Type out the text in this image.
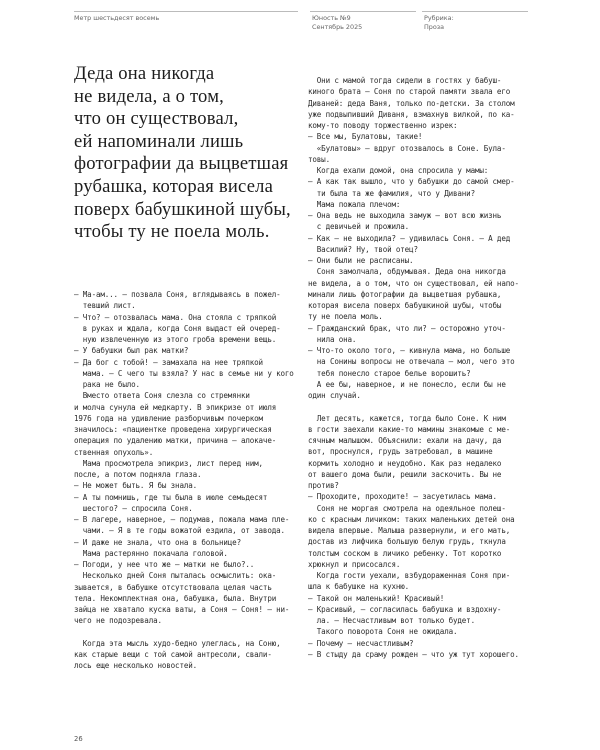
Метр шестьдесят восемь	Юность №9
Сентябрь 2025
Рубрика:
Проза
Деда она никогда
не видела, а о том,
что он существовал,
ей напоминали лишь
фотографии да выцветшая
рубашка, которая висела
поверх бабушкиной шубы,
чтобы ту не поела моль.
– Ма-ам... – позвала Соня, вглядываясь в пожел-
тевший лист.
– Что? – отозвалась мама. Она стояла с тряпкой
в руках и ждала, когда Соня выдаст ей очеред-
ную извлеченную из этого гроба времени вещь.
– У бабушки был рак матки?
– Да бог с тобой! – замахала на нее тряпкой
мама. – С чего ты взяла? У нас в семье ни у кого
рака не было.
Вместо ответа Соня слезла со стремянки
и молча сунула ей медкарту. В эпикризе от июля
1976 года на удивление разборчивым почерком
значилось: «пациентке проведена хирургическая
операция по удалению матки, причина – алокаче-
ственная опухоль».
Мама просмотрела эпикриз, лист перед ним,
после, а потом подняла глаза.
– Не может быть. Я бы знала.
– А ты помнишь, где ты была в июле семьдесят
шестого? – спросила Соня.
– В лагере, наверное, – подумав, пожала мама пле-
чами. – Я в те годы вожатой ездила, от завода.
– И даже не знала, что она в больнице?
Мама растерянно покачала головой.
– Погоди, у нее что же – матки не было?..
Несколько дней Соня пыталась осмыслить: ока-
зывается, в бабушке отсутствовала целая часть
тела. Некомплектная она, бабушка, была. Внутри
зайца не хватало куска ваты, а Соня – Соня! – ни-
чего не подозревала.
Когда эта мысль худо-бедно улеглась, на Соню,
как старые вещи с той самой антресоли, свали-
лось еще несколько новостей.
Они с мамой тогда сидели в гостях у бабуш-
киного брата – Соня по старой памяти звала его
Диваней: деда Ваня, только по-детски. За столом
уже подвыпивший Диваня, взмахнув вилкой, по ка-
кому-то поводу торжественно изрек:
– Все мы, Булатовы, такие!
«Булатовы» – вдруг отозвалось в Соне. Була-
товы.
Когда ехали домой, она спросила у мамы:
– А как так вышло, что у бабушки до самой смер-
ти была та же фамилия, что у Дивани?
Мама пожала плечом:
– Она ведь не выходила замуж – вот всю жизнь
с девичьей и прожила.
– Как – не выходила? – удивилась Соня. – А дед
Василий? Ну, твой отец?
– Они были не расписаны.
Соня замолчала, обдумывая. Деда она никогда
не видела, а о том, что он существовал, ей напо-
минали лишь фотографии да выцветшая рубашка,
которая висела поверх бабушкиной шубы, чтобы
ту не поела моль.
– Гражданский брак, что ли? – осторожно уточ-
нила она.
– Что-то около того, – кивнула мама, но больше
на Сонины вопросы не отвечала – мол, чего это
тебя понесло старое белье ворошить?
А ее бы, наверное, и не понесло, если бы не
один случай.
Лет десять, кажется, тогда было Соне. К ним
в гости заехали какие-то мамины знакомые с ме-
сячным малышом. Объяснили: ехали на дачу, да
вот, проснулся, грудь затребовал, в машине
кормить холодно и неудобно. Как раз недалеко
от вашего дома были, решили заскочить. Вы не
против?
– Проходите, проходите! – засуетилась мама.
Соня не моргая смотрела на одеяльное полеш-
ко с красным личиком: таких маленьких детей она
видела впервые. Малыша развернули, и его мать,
достав из лифчика большую белую грудь, ткнула
толстым соском в личико ребенку. Тот коротко
хрюкнул и присосался.
Когда гости уехали, взбудораженная Соня при-
шла к бабушке на кухню.
– Такой он маленький! Красивый!
– Красивый, – согласилась бабушка и вздохну-
ла. – Несчастливым вот только будет.
Такого поворота Соня не ожидала.
– Почему – несчастливым?
– В стыду да сраму рожден – что уж тут хорошего.
26
